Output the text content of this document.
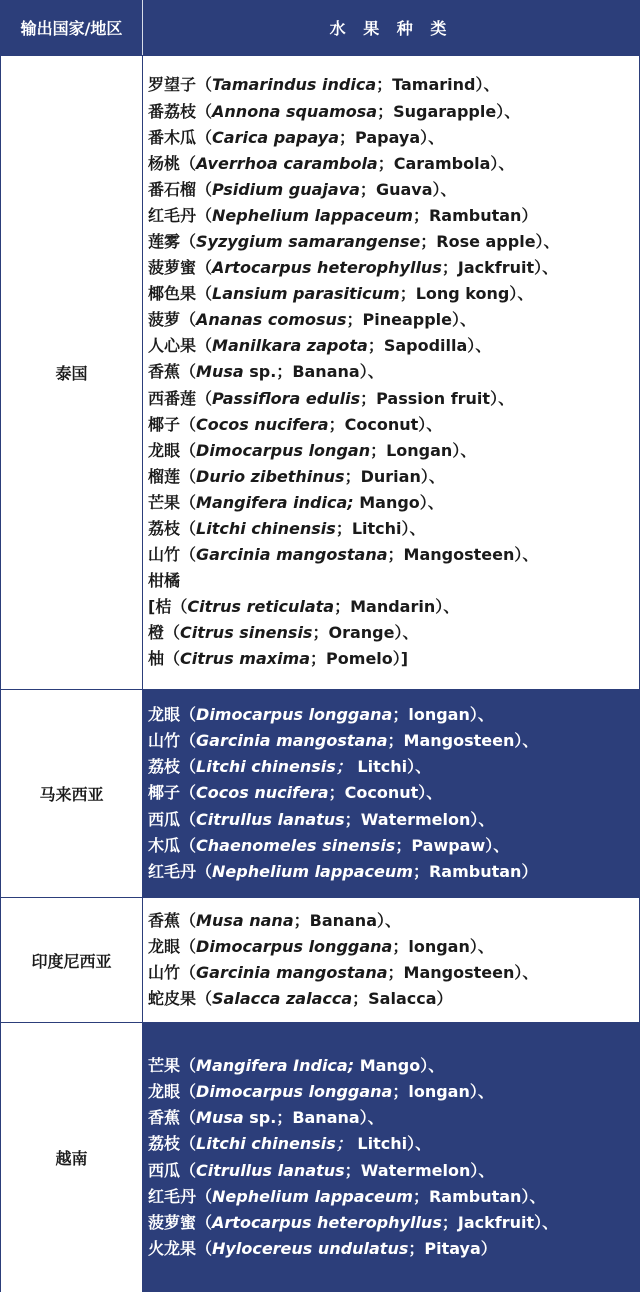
输出国家/地区	水 果 种 类
泰国
罗望子（Tamarindus indica；Tamarind）、
番荔枝（Annona squamosa；Sugarapple）、
番木瓜（Carica papaya；Papaya）、
杨桃（Averrhoa carambola；Carambola）、
番石榴（Psidium guajava；Guava）、
红毛丹（Nephelium lappaceum；Rambutan）
莲雾（Syzygium samarangense；Rose apple）、
菠萝蜜（Artocarpus heterophyllus；Jackfruit）、
椰色果（Lansium parasiticum；Long kong）、
菠萝（Ananas comosus；Pineapple）、
人心果（Manilkara zapota；Sapodilla）、
香蕉（Musa sp.；Banana）、
西番莲（Passiflora edulis；Passion fruit）、
椰子（Cocos nucifera；Coconut）、
龙眼（Dimocarpus longan；Longan）、
榴莲（Durio zibethinus；Durian）、
芒果（Mangifera indica; Mango）、
荔枝（Litchi chinensis；Litchi）、
山竹（Garcinia mangostana；Mangosteen）、
柑橘
[桔（Citrus reticulata；Mandarin）、
橙（Citrus sinensis；Orange）、
柚（Citrus maxima；Pomelo）]
马来西亚
龙眼（Dimocarpus longgana；longan）、
山竹（Garcinia mangostana；Mangosteen）、
荔枝（Litchi chinensis； Litchi）、
椰子（Cocos nucifera；Coconut）、
西瓜（Citrullus lanatus；Watermelon）、
木瓜（Chaenomeles sinensis；Pawpaw）、
红毛丹（Nephelium lappaceum；Rambutan）
印度尼西亚
香蕉（Musa nana；Banana）、
龙眼（Dimocarpus longgana；longan）、
山竹（Garcinia mangostana；Mangosteen）、
蛇皮果（Salacca zalacca；Salacca）
越南
芒果（Mangifera Indica; Mango）、
龙眼（Dimocarpus longgana；longan）、
香蕉（Musa sp.；Banana）、
荔枝（Litchi chinensis； Litchi）、
西瓜（Citrullus lanatus；Watermelon）、
红毛丹（Nephelium lappaceum；Rambutan）、
菠萝蜜（Artocarpus heterophyllus；Jackfruit）、
火龙果（Hylocereus undulatus；Pitaya）
